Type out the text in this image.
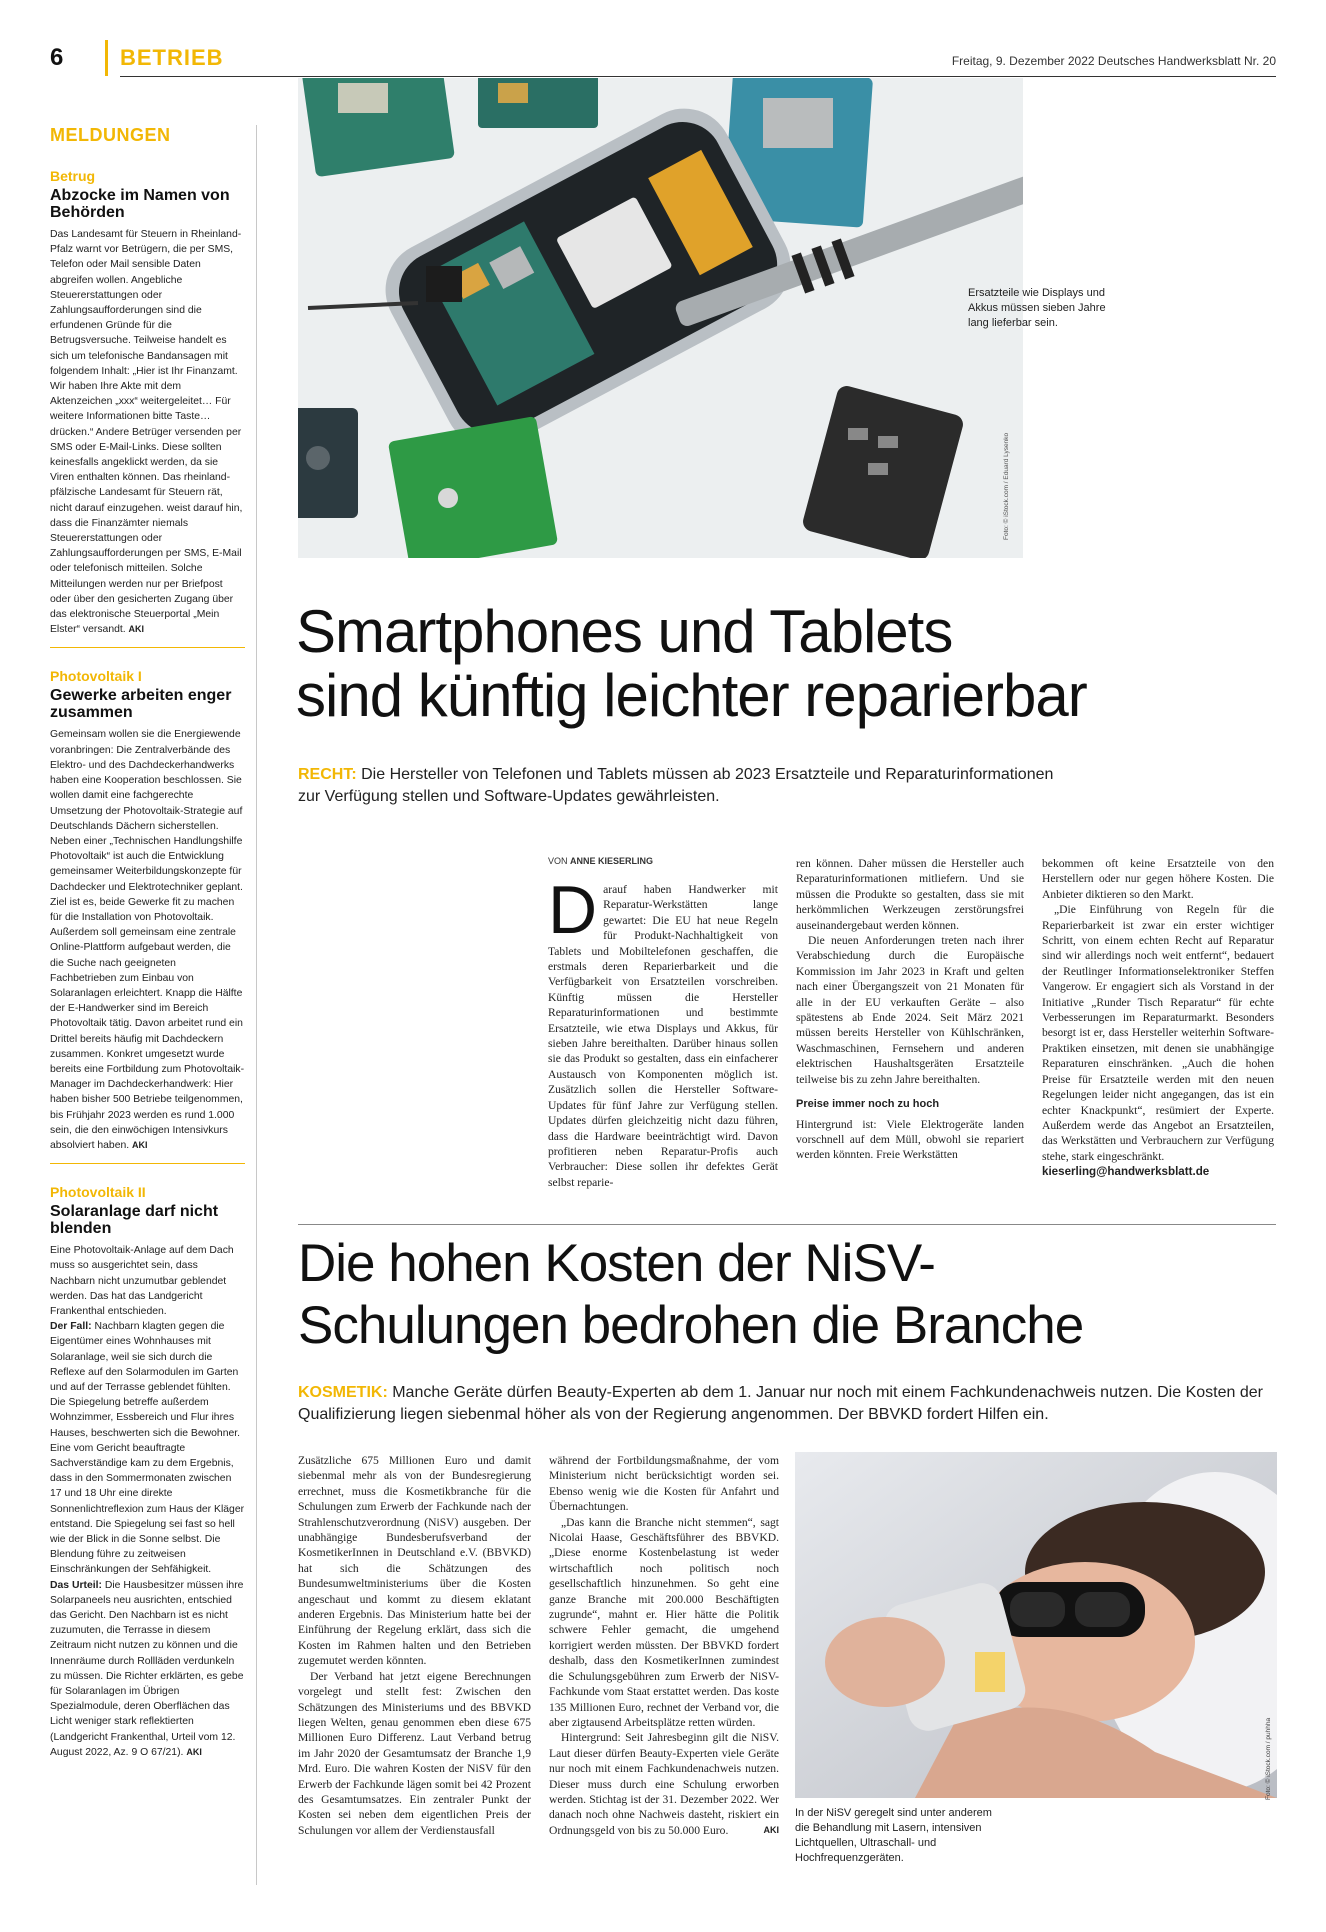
6	BETRIEB	Freitag, 9. Dezember 2022 Deutsches Handwerksblatt Nr. 20
MELDUNGEN
Betrug
Abzocke im Namen von Behörden
Das Landesamt für Steuern in Rheinland-Pfalz warnt vor Betrügern, die per SMS, Telefon oder Mail sensible Daten abgreifen wollen. Angebliche Steuererstattungen oder Zahlungsaufforderungen sind die erfundenen Gründe für die Betrugsversuche. Teilweise handelt es sich um telefonische Bandansagen mit folgendem Inhalt: „Hier ist Ihr Finanzamt. Wir haben Ihre Akte mit dem Aktenzeichen „xxx“ weitergeleitet… Für weitere Informationen bitte Taste… drücken.“ Andere Betrüger versenden per SMS oder E-Mail-Links. Diese sollten keinesfalls angeklickt werden, da sie Viren enthalten können. Das rheinland-pfälzische Landesamt für Steuern rät, nicht darauf einzugehen. weist darauf hin, dass die Finanzämter niemals Steuererstattungen oder Zahlungsaufforderungen per SMS, E-Mail oder telefonisch mitteilen. Solche Mitteilungen werden nur per Briefpost oder über den gesicherten Zugang über das elektronische Steuerportal „Mein Elster“ versandt. AKI
Photovoltaik I
Gewerke arbeiten enger zusammen
Gemeinsam wollen sie die Energiewende voranbringen: Die Zentralverbände des Elektro- und des Dachdeckerhandwerks haben eine Kooperation beschlossen. Sie wollen damit eine fachgerechte Umsetzung der Photovoltaik-Strategie auf Deutschlands Dächern sicherstellen. Neben einer „Technischen Handlungshilfe Photovoltaik“ ist auch die Entwicklung gemeinsamer Weiterbildungskonzepte für Dachdecker und Elektrotechniker geplant. Ziel ist es, beide Gewerke fit zu machen für die Installation von Photovoltaik. Außerdem soll gemeinsam eine zentrale Online-Plattform aufgebaut werden, die die Suche nach geeigneten Fachbetrieben zum Einbau von Solaranlagen erleichtert. Knapp die Hälfte der E-Handwerker sind im Bereich Photovoltaik tätig. Davon arbeitet rund ein Drittel bereits häufig mit Dachdeckern zusammen. Konkret umgesetzt wurde bereits eine Fortbildung zum Photovoltaik-Manager im Dachdeckerhandwerk: Hier haben bisher 500 Betriebe teilgenommen, bis Frühjahr 2023 werden es rund 1.000 sein, die den einwöchigen Intensivkurs absolviert haben. AKI
Photovoltaik II
Solaranlage darf nicht blenden
Eine Photovoltaik-Anlage auf dem Dach muss so ausgerichtet sein, dass Nachbarn nicht unzumutbar geblendet werden. Das hat das Landgericht Frankenthal entschieden.
Der Fall: Nachbarn klagten gegen die Eigentümer eines Wohnhauses mit Solaranlage, weil sie sich durch die Reflexe auf den Solarmodulen im Garten und auf der Terrasse geblendet fühlten. Die Spiegelung betreffe außerdem Wohnzimmer, Essbereich und Flur ihres Hauses, beschwerten sich die Bewohner. Eine vom Gericht beauftragte Sachverständige kam zu dem Ergebnis, dass in den Sommermonaten zwischen 17 und 18 Uhr eine direkte Sonnenlichtreflexion zum Haus der Kläger entstand. Die Spiegelung sei fast so hell wie der Blick in die Sonne selbst. Die Blendung führe zu zeitweisen Einschränkungen der Sehfähigkeit.
Das Urteil: Die Hausbesitzer müssen ihre Solarpaneels neu ausrichten, entschied das Gericht. Den Nachbarn ist es nicht zuzumuten, die Terrasse in diesem Zeitraum nicht nutzen zu können und die Innenräume durch Rollläden verdunkeln zu müssen. Die Richter erklärten, es gebe für Solaranlagen im Übrigen Spezialmodule, deren Oberflächen das Licht weniger stark reflektierten (Landgericht Frankenthal, Urteil vom 12. August 2022, Az. 9 O 67/21). AKI
Ersatzteile wie Displays und Akkus müssen sieben Jahre lang lieferbar sein.
Foto: © iStock.com / Eduard Lysenko
Smartphones und Tablets
sind künftig leichter reparierbar
RECHT: Die Hersteller von Telefonen und Tablets müssen ab 2023 Ersatzteile und Reparaturinformationen zur Verfügung stellen und Software-Updates gewährleisten.
VON ANNE KIESERLING

Darauf haben Handwerker mit Reparatur-Werkstätten lange gewartet: Die EU hat neue Regeln für Produkt-Nachhaltigkeit von Tablets und Mobiltelefonen geschaffen, die erstmals deren Reparierbarkeit und die Verfügbarkeit von Ersatzteilen vorschreiben. Künftig müssen die Hersteller Reparaturinformationen und bestimmte Ersatzteile, wie etwa Displays und Akkus, für sieben Jahre bereithalten. Darüber hinaus sollen sie das Produkt so gestalten, dass ein einfacherer Austausch von Komponenten möglich ist. Zusätzlich sollen die Hersteller Software-Updates für fünf Jahre zur Verfügung stellen. Updates dürfen gleichzeitig nicht dazu führen, dass die Hardware beeinträchtigt wird. Davon profitieren neben Reparatur-Profis auch Verbraucher: Diese sollen ihr defektes Gerät selbst reparie-

ren können. Daher müssen die Hersteller auch Reparaturinformationen mitliefern. Und sie müssen die Produkte so gestalten, dass sie mit herkömmlichen Werkzeugen zerstörungsfrei auseinandergebaut werden können.

Die neuen Anforderungen treten nach ihrer Verabschiedung durch die Europäische Kommission im Jahr 2023 in Kraft und gelten nach einer Übergangszeit von 21 Monaten für alle in der EU verkauften Geräte – also spätestens ab Ende 2024. Seit März 2021 müssen bereits Hersteller von Kühlschränken, Waschmaschinen, Fernsehern und anderen elektrischen Haushaltsgeräten Ersatzteile teilweise bis zu zehn Jahre bereithalten.

Preise immer noch zu hoch

Hintergrund ist: Viele Elektrogeräte landen vorschnell auf dem Müll, obwohl sie repariert werden könnten. Freie Werkstätten

bekommen oft keine Ersatzteile von den Herstellern oder nur gegen höhere Kosten. Die Anbieter diktieren so den Markt.

„Die Einführung von Regeln für die Reparierbarkeit ist zwar ein erster wichtiger Schritt, von einem echten Recht auf Reparatur sind wir allerdings noch weit entfernt“, bedauert der Reutlinger Informationselektroniker Steffen Vangerow. Er engagiert sich als Vorstand in der Initiative „Runder Tisch Reparatur“ für echte Verbesserungen im Reparaturmarkt. Besonders besorgt ist er, dass Hersteller weiterhin Software-Praktiken einsetzen, mit denen sie unabhängige Reparaturen einschränken. „Auch die hohen Preise für Ersatzteile werden mit den neuen Regelungen leider nicht angegangen, das ist ein echter Knackpunkt“, resümiert der Experte. Außerdem werde das Angebot an Ersatzteilen, das Werkstätten und Verbrauchern zur Verfügung stehe, stark eingeschränkt.

kieserling@handwerksblatt.de
Die hohen Kosten der NiSV-
Schulungen bedrohen die Branche
KOSMETIK: Manche Geräte dürfen Beauty-Experten ab dem 1. Januar nur noch mit einem Fachkundenachweis nutzen. Die Kosten der Qualifizierung liegen siebenmal höher als von der Regierung angenommen. Der BBVKD fordert Hilfen ein.

Zusätzliche 675 Millionen Euro und damit siebenmal mehr als von der Bundesregierung errechnet, muss die Kosmetikbranche für die Schulungen zum Erwerb der Fachkunde nach der Strahlenschutzverordnung (NiSV) ausgeben. Der unabhängige Bundesberufsverband der KosmetikerInnen in Deutschland e.V. (BBVKD) hat sich die Schätzungen des Bundesumweltministeriums über die Kosten angeschaut und kommt zu diesem eklatant anderen Ergebnis. Das Ministerium hatte bei der Einführung der Regelung erklärt, dass sich die Kosten im Rahmen halten und den Betrieben zugemutet werden könnten.

Der Verband hat jetzt eigene Berechnungen vorgelegt und stellt fest: Zwischen den Schätzungen des Ministeriums und des BBVKD liegen Welten, genau genommen eben diese 675 Millionen Euro Differenz. Laut Verband betrug im Jahr 2020 der Gesamtumsatz der Branche 1,9 Mrd. Euro. Die wahren Kosten der NiSV für den Erwerb der Fachkunde lägen somit bei 42 Prozent des Gesamtumsatzes. Ein zentraler Punkt der Kosten sei neben dem eigentlichen Preis der Schulungen vor allem der Verdienstausfall

während der Fortbildungsmaßnahme, der vom Ministerium nicht berücksichtigt worden sei. Ebenso wenig wie die Kosten für Anfahrt und Übernachtungen.

„Das kann die Branche nicht stemmen“, sagt Nicolai Haase, Geschäftsführer des BBVKD. „Diese enorme Kostenbelastung ist weder wirtschaftlich noch politisch noch gesellschaftlich hinzunehmen. So geht eine ganze Branche mit 200.000 Beschäftigten zugrunde“, mahnt er. Hier hätte die Politik schwere Fehler gemacht, die umgehend korrigiert werden müssten. Der BBVKD fordert deshalb, dass den KosmetikerInnen zumindest die Schulungsgebühren zum Erwerb der NiSV-Fachkunde vom Staat erstattet werden. Das koste 135 Millionen Euro, rechnet der Verband vor, die aber zigtausend Arbeitsplätze retten würden.

Hintergrund: Seit Jahresbeginn gilt die NiSV. Laut dieser dürfen Beauty-Experten viele Geräte nur noch mit einem Fachkundenachweis nutzen. Dieser muss durch eine Schulung erworben werden. Stichtag ist der 31. Dezember 2022. Wer danach noch ohne Nachweis dasteht, riskiert ein Ordnungsgeld von bis zu 50.000 Euro.	AKI

Foto: © iStock.com / puhhha
In der NiSV geregelt sind unter anderem die Behandlung mit Lasern, intensiven Lichtquellen, Ultraschall- und Hochfrequenzgeräten.
